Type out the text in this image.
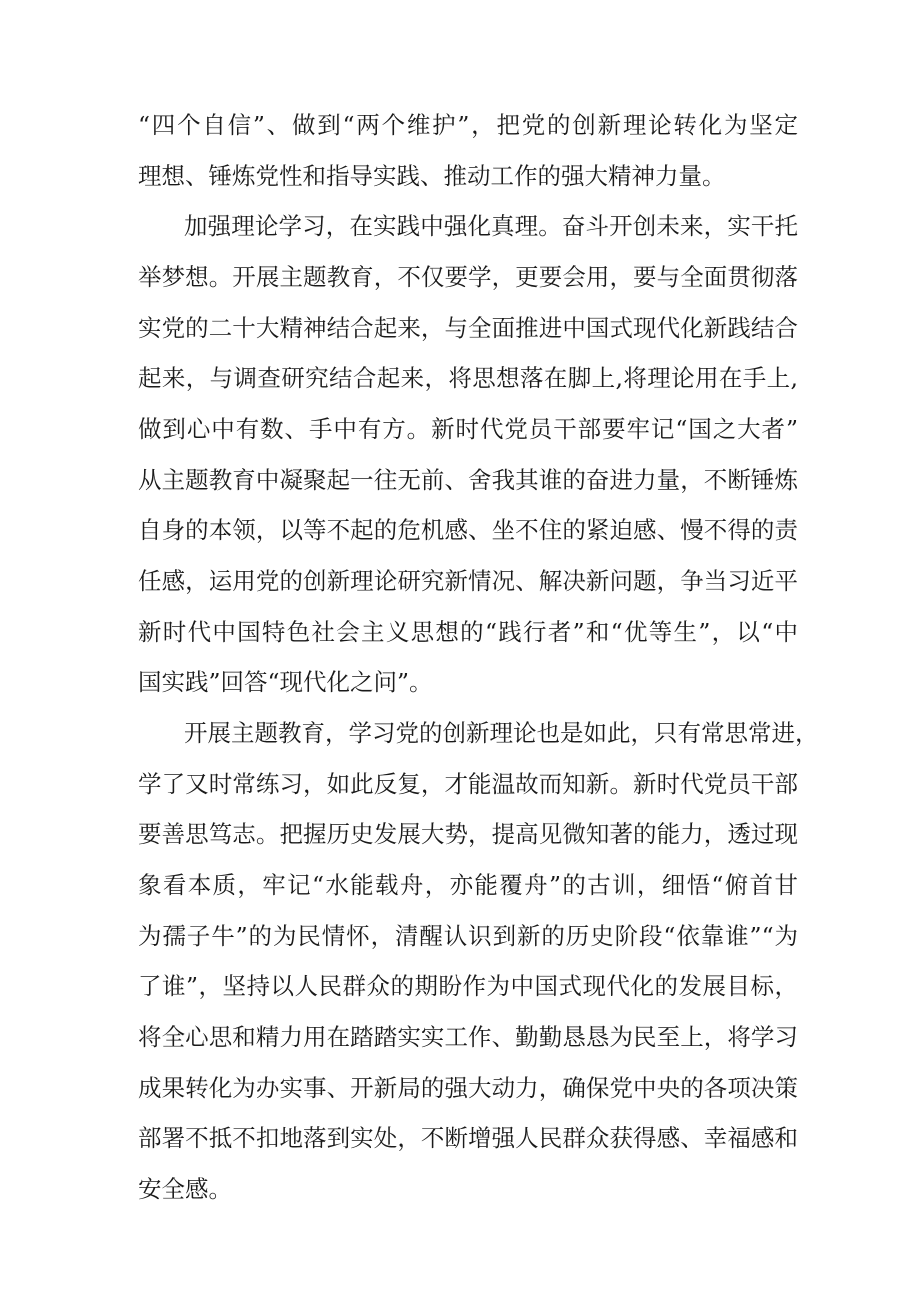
“四个自信”、做到“两个维护”，把党的创新理论转化为坚定
理想、锤炼党性和指导实践、推动工作的强大精神力量。
加强理论学习，在实践中强化真理。奋斗开创未来，实干托
举梦想。开展主题教育，不仅要学，更要会用，要与全面贯彻落
实党的二十大精神结合起来，与全面推进中国式现代化新践结合
起来，与调查研究结合起来，将思想落在脚上,将理论用在手上,
做到心中有数、手中有方。新时代党员干部要牢记“国之大者”
从主题教育中凝聚起一往无前、舍我其谁的奋进力量，不断锤炼
自身的本领，以等不起的危机感、坐不住的紧迫感、慢不得的责
任感，运用党的创新理论研究新情况、解决新问题，争当习近平
新时代中国特色社会主义思想的“践行者”和“优等生”，以“中
国实践”回答“现代化之问”。
开展主题教育，学习党的创新理论也是如此，只有常思常进，
学了又时常练习，如此反复，才能温故而知新。新时代党员干部
要善思笃志。把握历史发展大势，提高见微知著的能力，透过现
象看本质，牢记“水能载舟，亦能覆舟”的古训，细悟“俯首甘
为孺子牛”的为民情怀，清醒认识到新的历史阶段“依靠谁”“为
了谁”，坚持以人民群众的期盼作为中国式现代化的发展目标，
将全心思和精力用在踏踏实实工作、勤勤恳恳为民至上，将学习
成果转化为办实事、开新局的强大动力，确保党中央的各项决策
部署不抵不扣地落到实处，不断增强人民群众获得感、幸福感和
安全感。
